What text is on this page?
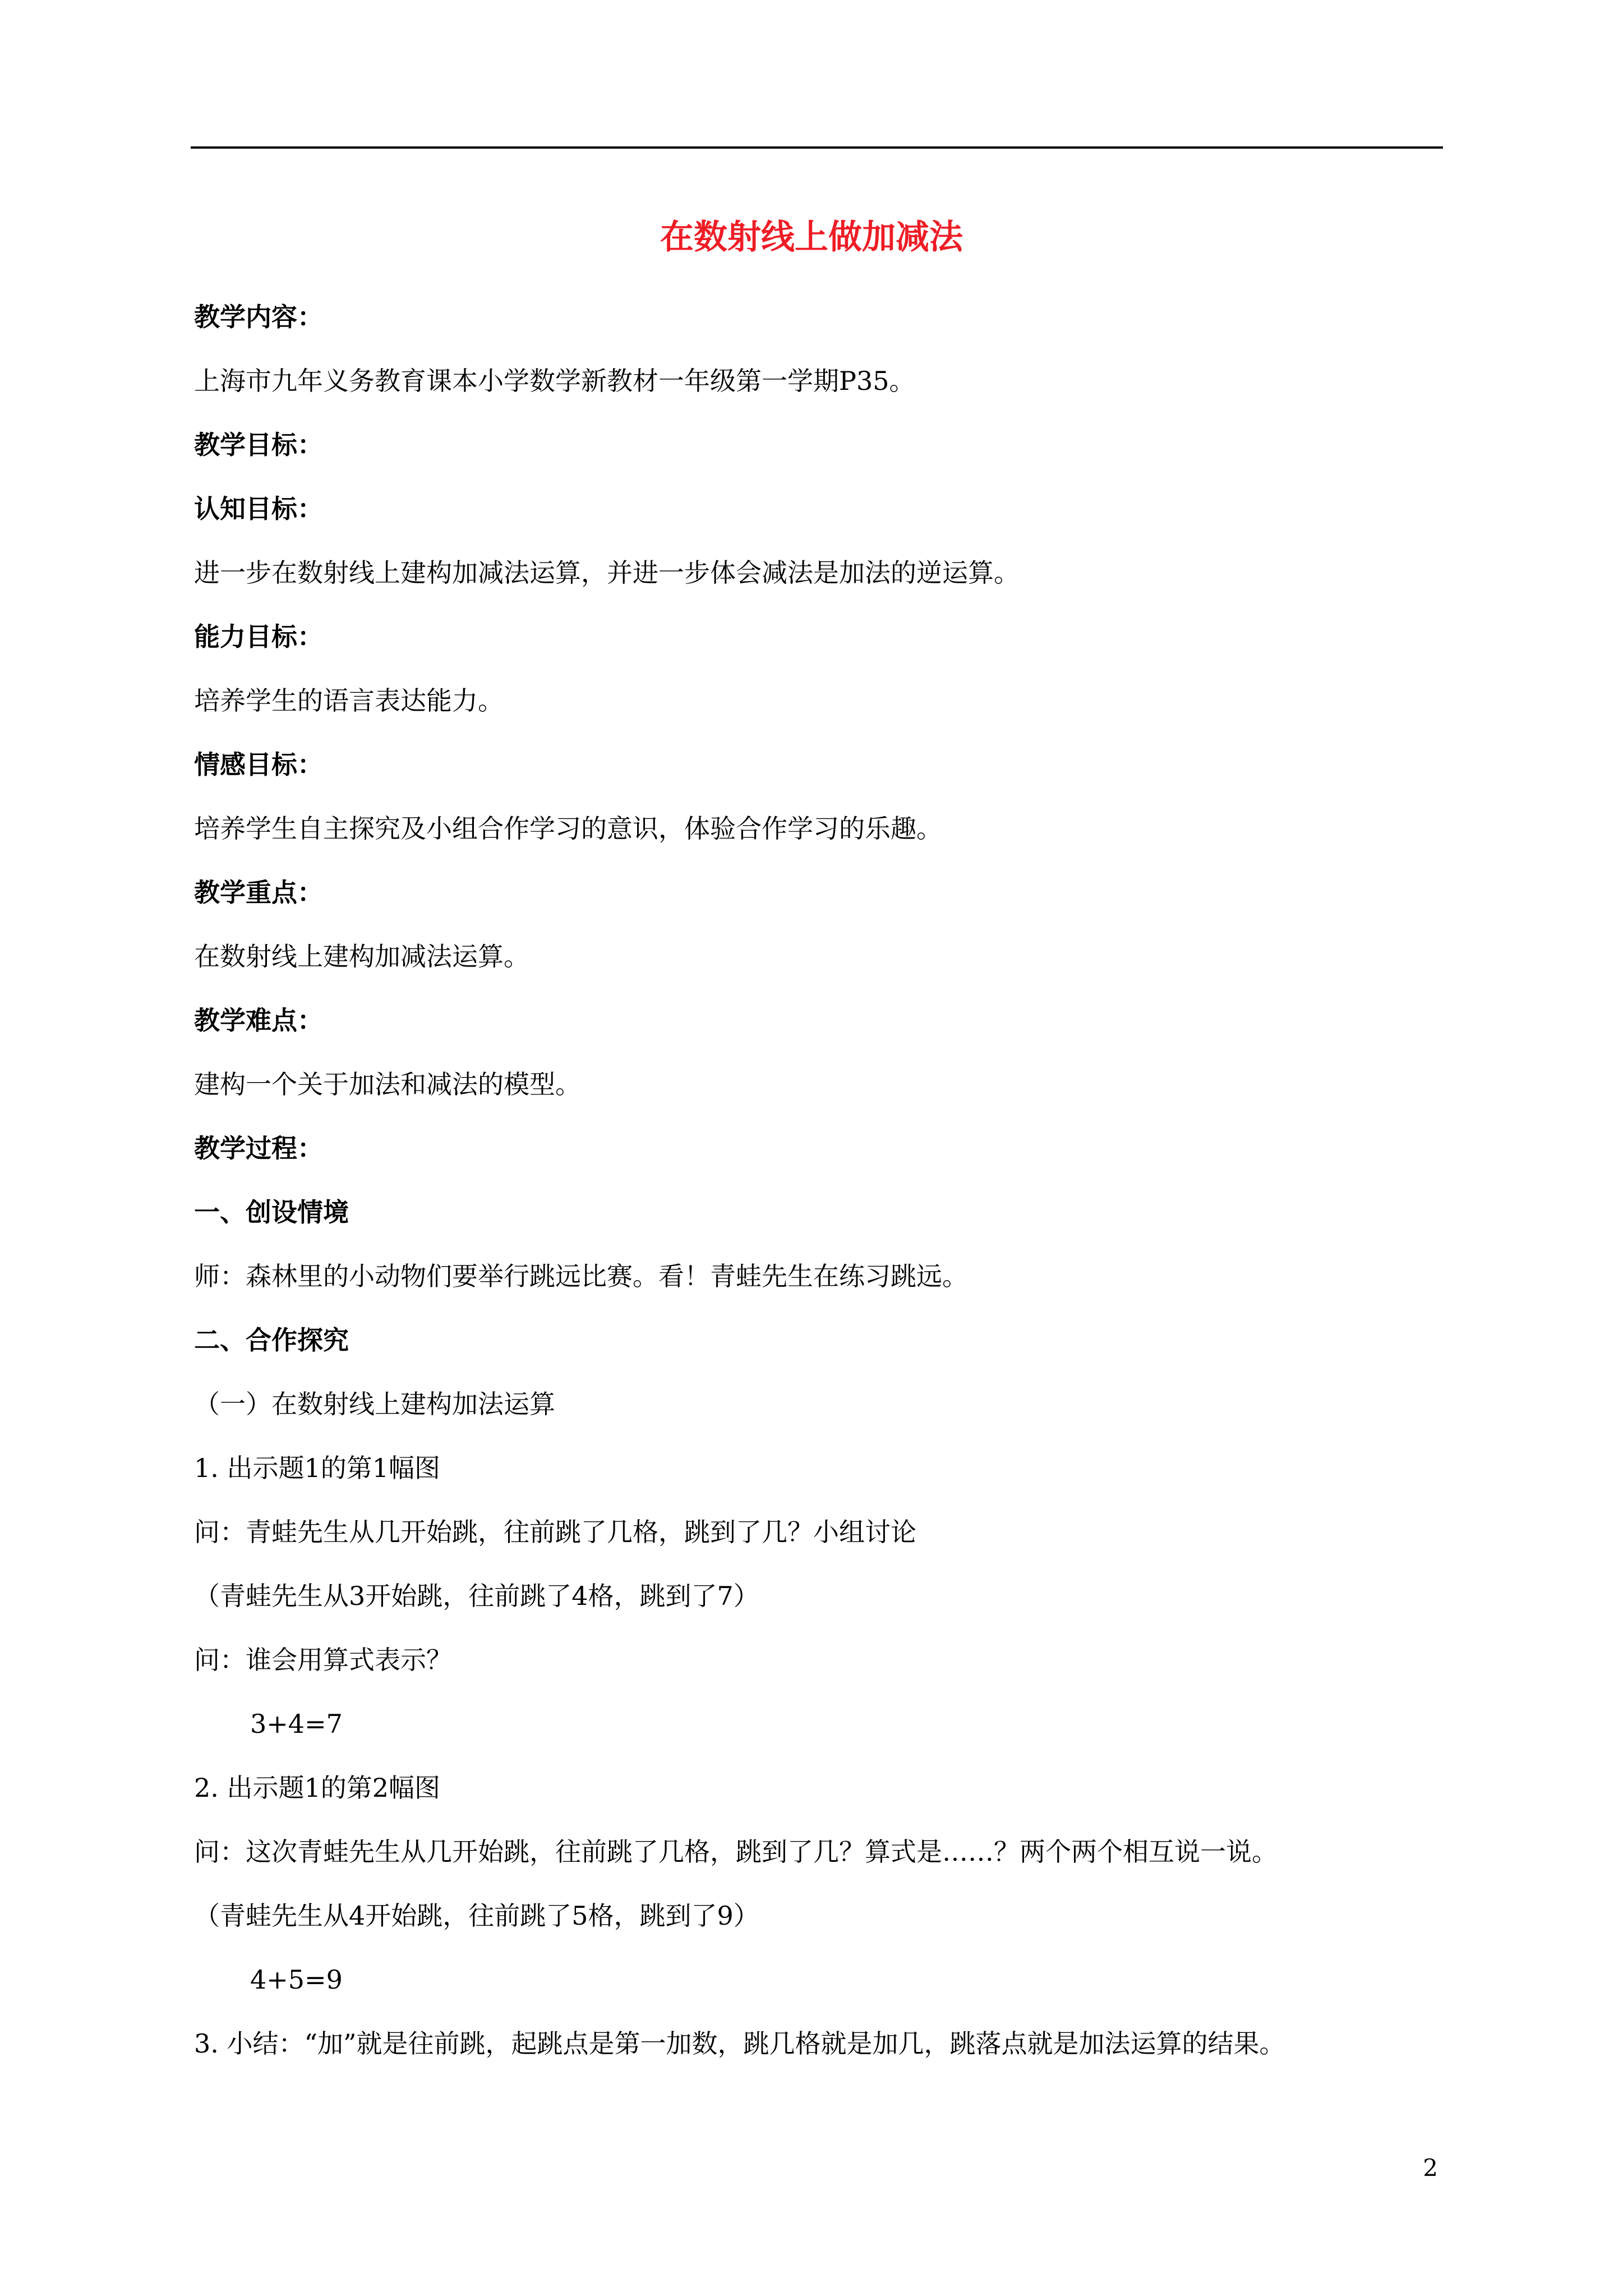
在数射线上做加减法
教学内容：
上海市九年义务教育课本小学数学新教材一年级第一学期P35。
教学目标：
认知目标：
进一步在数射线上建构加减法运算，并进一步体会减法是加法的逆运算。
能力目标：
培养学生的语言表达能力。
情感目标：
培养学生自主探究及小组合作学习的意识，体验合作学习的乐趣。
教学重点：
在数射线上建构加减法运算。
教学难点：
建构一个关于加法和减法的模型。
教学过程：
一、创设情境
师：森林里的小动物们要举行跳远比赛。看！青蛙先生在练习跳远。
二、合作探究
（一）在数射线上建构加法运算
1. 出示题1的第1幅图
问：青蛙先生从几开始跳，往前跳了几格，跳到了几？小组讨论
（青蛙先生从3开始跳，往前跳了4格，跳到了7）
问：谁会用算式表示？
3+4=7
2. 出示题1的第2幅图
问：这次青蛙先生从几开始跳，往前跳了几格，跳到了几？算式是……？两个两个相互说一说。
（青蛙先生从4开始跳，往前跳了5格，跳到了9）
4+5=9
3. 小结：“加”就是往前跳，起跳点是第一加数，跳几格就是加几，跳落点就是加法运算的结果。
2
